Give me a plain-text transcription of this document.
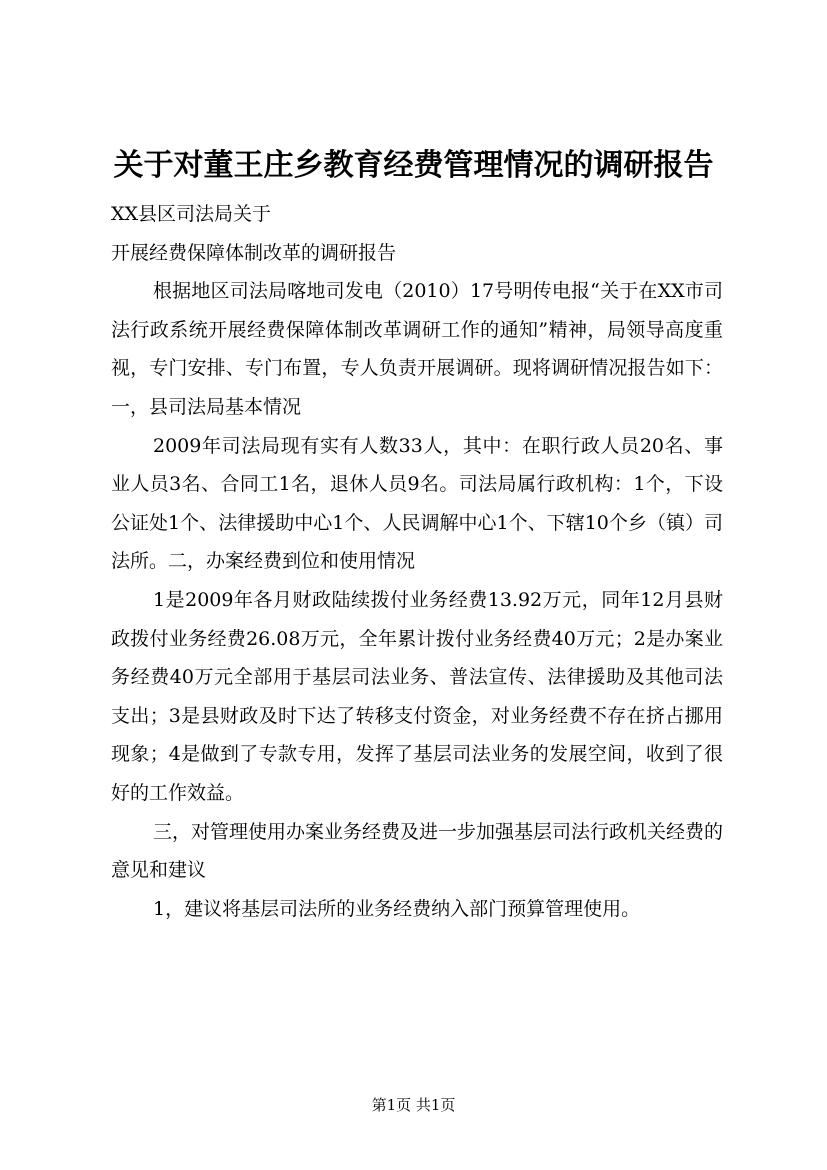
关于对董王庄乡教育经费管理情况的调研报告

XX县区司法局关于

开展经费保障体制改革的调研报告

根据地区司法局喀地司发电（2010）17号明传电报“关于在XX市司法行政系统开展经费保障体制改革调研工作的通知”精神，局领导高度重视，专门安排、专门布置，专人负责开展调研。现将调研情况报告如下：一，县司法局基本情况

2009年司法局现有实有人数33人，其中：在职行政人员20名、事业人员3名、合同工1名，退休人员9名。司法局属行政机构：1个，下设公证处1个、法律援助中心1个、人民调解中心1个、下辖10个乡（镇）司法所。二，办案经费到位和使用情况

1是2009年各月财政陆续拨付业务经费13.92万元，同年12月县财政拨付业务经费26.08万元，全年累计拨付业务经费40万元；2是办案业务经费40万元全部用于基层司法业务、普法宣传、法律援助及其他司法支出；3是县财政及时下达了转移支付资金，对业务经费不存在挤占挪用现象；4是做到了专款专用，发挥了基层司法业务的发展空间，收到了很好的工作效益。

三，对管理使用办案业务经费及进一步加强基层司法行政机关经费的意见和建议

1，建议将基层司法所的业务经费纳入部门预算管理使用。

第1页 共1页
